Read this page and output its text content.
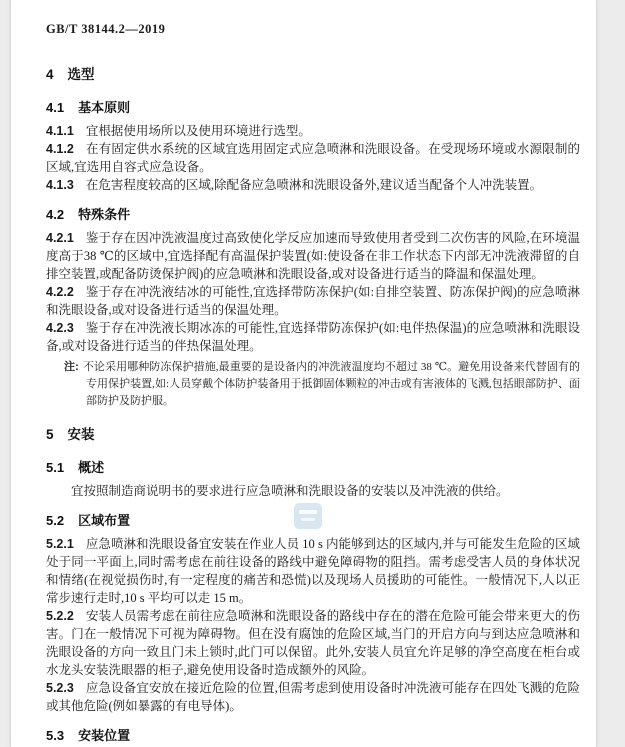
GB/T 38144.2—2019
4 选型
4.1 基本原则

4.1.1 宜根据使用场所以及使用环境进行选型。

4.1.2 在有固定供水系统的区域宜选用固定式应急喷淋和洗眼设备。在受现场环境或水源限制的区域,宜选用自容式应急设备。

4.1.3 在危害程度较高的区域,除配备应急喷淋和洗眼设备外,建议适当配备个人冲洗装置。

4.2 特殊条件

4.2.1 鉴于存在因冲洗液温度过高致使化学反应加速而导致使用者受到二次伤害的风险,在环境温度高于38 ℃的区域中,宜选择配有高温保护装置(如:使设备在非工作状态下内部无冲洗液滞留的自排空装置,或配备防烫保护阀)的应急喷淋和洗眼设备,或对设备进行适当的降温和保温处理。

4.2.2 鉴于存在冲洗液结冰的可能性,宜选择带防冻保护(如:自排空装置、防冻保护阀)的应急喷淋和洗眼设备,或对设备进行适当的保温处理。

4.2.3 鉴于存在冲洗液长期冰冻的可能性,宜选择带防冻保护(如:电伴热保温)的应急喷淋和洗眼设备,或对设备进行适当的伴热保温处理。

注: 不论采用哪种防冻保护措施,最重要的是设备内的冲洗液温度均不超过 38 ℃。避免用设备来代替固有的专用保护装置,如:人员穿戴个体防护装备用于抵御固体颗粒的冲击或有害液体的飞溅,包括眼部防护、面部防护及防护服。

5 安装
5.1 概述

宜按照制造商说明书的要求进行应急喷淋和洗眼设备的安装以及冲洗液的供给。

5.2 区域布置

5.2.1 应急喷淋和洗眼设备宜安装在作业人员 10 s 内能够到达的区域内,并与可能发生危险的区域处于同一平面上,同时需考虑在前往设备的路线中避免障碍物的阻挡。需考虑受害人员的身体状况和情绪(在视觉损伤时,有一定程度的痛苦和恐慌)以及现场人员援助的可能性。一般情况下,人以正常步速行走时,10 s 平均可以走 15 m。

5.2.2 安装人员需考虑在前往应急喷淋和洗眼设备的路线中存在的潜在危险可能会带来更大的伤害。门在一般情况下可视为障碍物。但在没有腐蚀的危险区域,当门的开启方向与到达应急喷淋和洗眼设备的方向一致且门未上锁时,此门可以保留。此外,安装人员宜允许足够的净空高度在柜台或水龙头安装洗眼器的柜子,避免使用设备时造成额外的风险。

5.2.3 应急设备宜安放在接近危险的位置,但需考虑到使用设备时冲洗液可能存在四处飞溅的危险或其他危险(例如暴露的有电导体)。

5.3 安装位置
